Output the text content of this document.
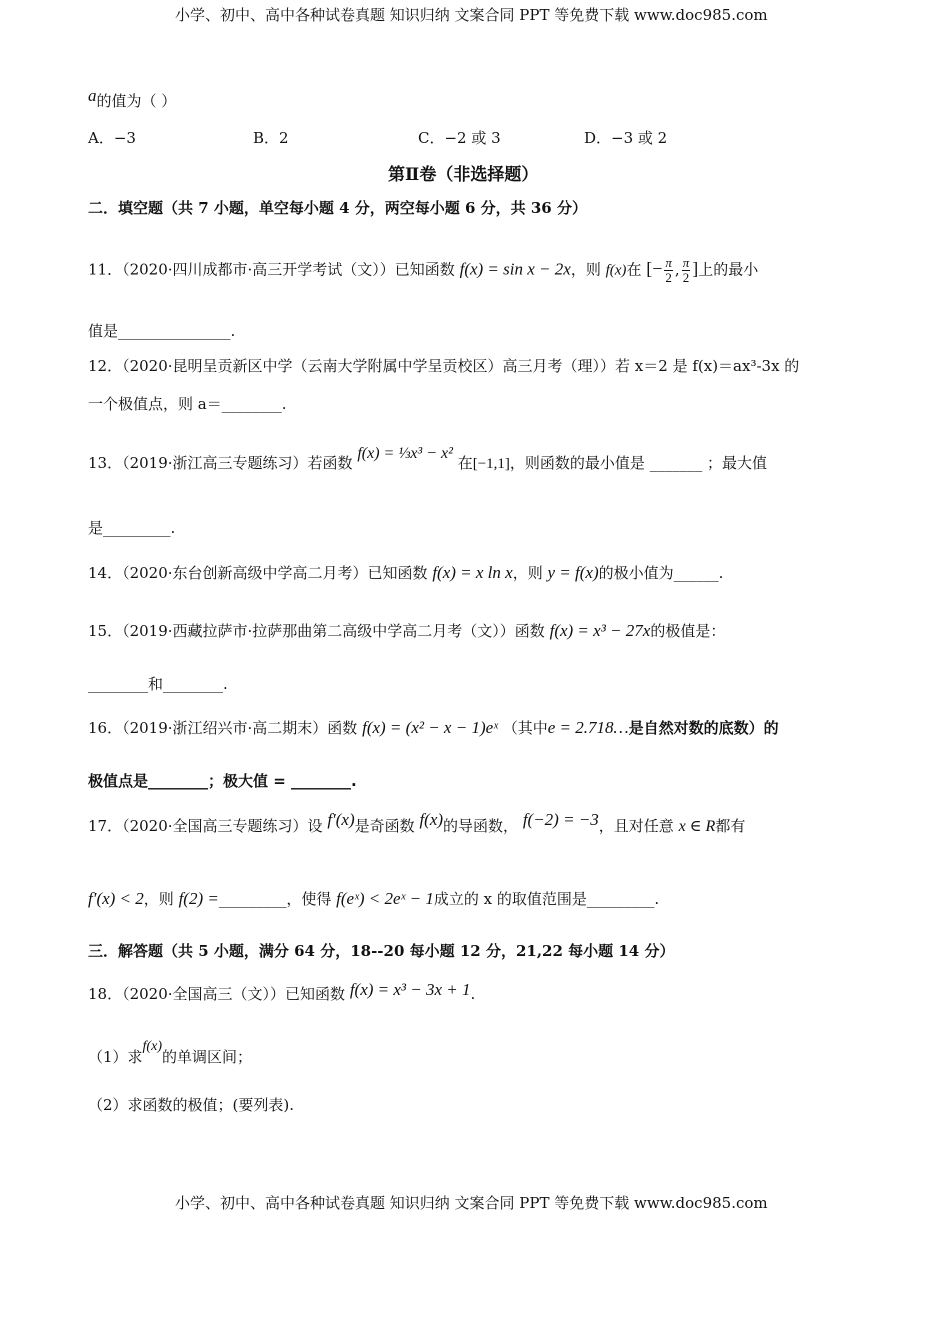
小学、初中、高中各种试卷真题 知识归纳 文案合同 PPT 等免费下载 www.doc985.com
a的值为（ ）
A．−3	B．2	C．−2 或 3	D．−3 或 2
第Ⅱ卷（非选择题）
二．填空题（共 7 小题，单空每小题 4 分，两空每小题 6 分，共 36 分）
11．（2020·四川成都市·高三开学考试（文））已知函数 f(x) = sin x − 2x，则 f(x)在 [− $\frac{\pi}{2}$ , $\frac{\pi}{2}$ ]上的最小
值是_______________.
12．（2020·昆明呈贡新区中学（云南大学附属中学呈贡校区）高三月考（理））若 x＝2 是 f(x)＝ax³-3x 的
一个极值点，则 a＝________.
13．（2019·浙江高三专题练习）若函数 f(x) = ⅓x³ − x² 在[−1,1]，则函数的最小值是 _______ ；最大值
是_________.
14．（2020·东台创新高级中学高二月考）已知函数 f(x) = x ln x，则 y = f(x)的极小值为______.
15．（2019·西藏拉萨市·拉萨那曲第二高级中学高二月考（文））函数 f(x) = x³ − 27x的极值是：
________和________.
16．（2019·浙江绍兴市·高二期末）函数 f(x) = (x² − x − 1)eˣ （其中e = 2.718…是自然对数的底数）的
极值点是________；极大值 = ________.
17．（2020·全国高三专题练习）设 f′(x)是奇函数 f(x)的导函数， f(−2) = −3，且对任意 x ∈ R都有
f′(x) < 2，则 f(2) =_________，使得 f(eˣ) < 2eˣ − 1成立的 x 的取值范围是_________.
三．解答题（共 5 小题，满分 64 分，18--20 每小题 12 分，21,22 每小题 14 分）
18．（2020·全国高三（文））已知函数 f(x) = x³ − 3x + 1.
（1）求f(x)的单调区间；
（2）求函数的极值；(要列表).
小学、初中、高中各种试卷真题 知识归纳 文案合同 PPT 等免费下载 www.doc985.com
